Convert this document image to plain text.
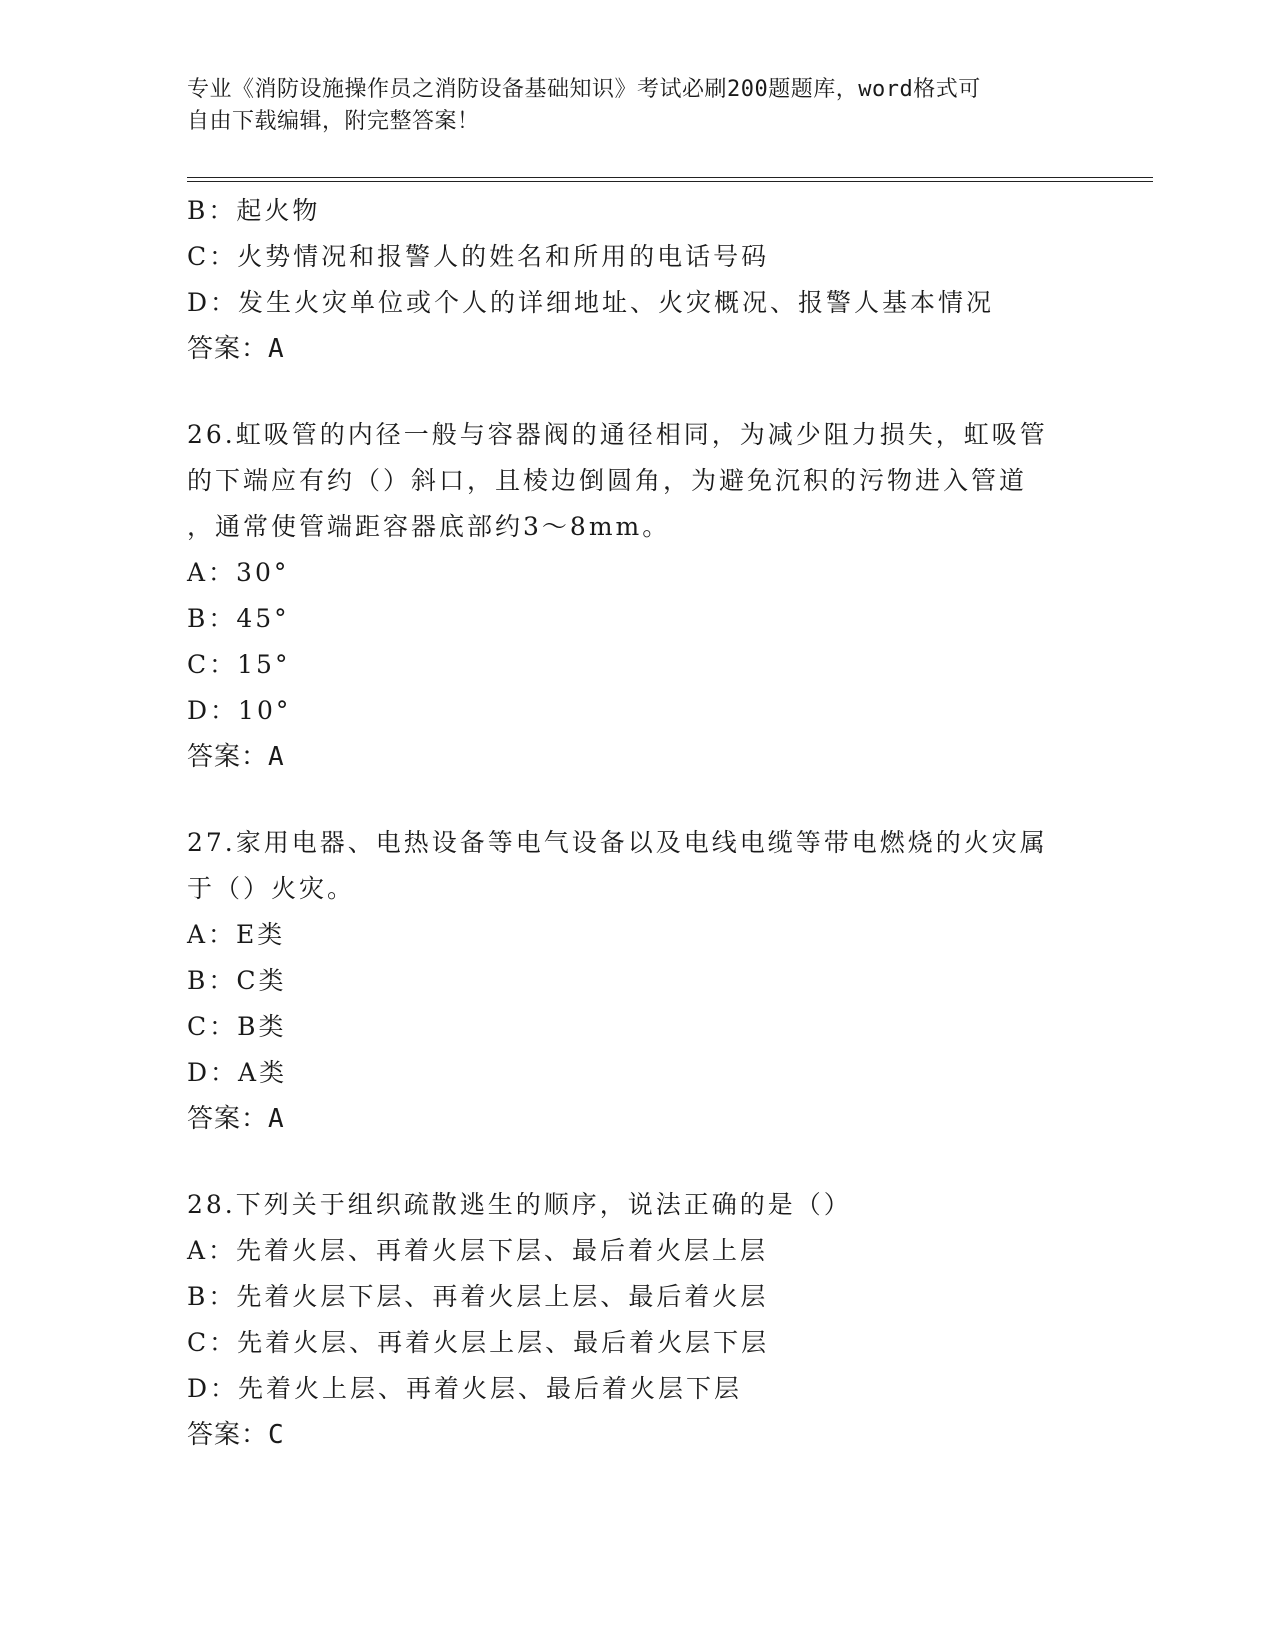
专业《消防设施操作员之消防设备基础知识》考试必刷200题题库，word格式可
自由下载编辑，附完整答案！
B：起火物
C：火势情况和报警人的姓名和所用的电话号码
D：发生火灾单位或个人的详细地址、火灾概况、报警人基本情况
答案：A
26.虹吸管的内径一般与容器阀的通径相同，为减少阻力损失，虹吸管
的下端应有约（）斜口，且棱边倒圆角，为避免沉积的污物进入管道
，通常使管端距容器底部约3～8mm。
A：30°
B：45°
C：15°
D：10°
答案：A
27.家用电器、电热设备等电气设备以及电线电缆等带电燃烧的火灾属
于（）火灾。
A：E类
B：C类
C：B类
D：A类
答案：A
28.下列关于组织疏散逃生的顺序，说法正确的是（）
A：先着火层、再着火层下层、最后着火层上层
B：先着火层下层、再着火层上层、最后着火层
C：先着火层、再着火层上层、最后着火层下层
D：先着火上层、再着火层、最后着火层下层
答案：C
